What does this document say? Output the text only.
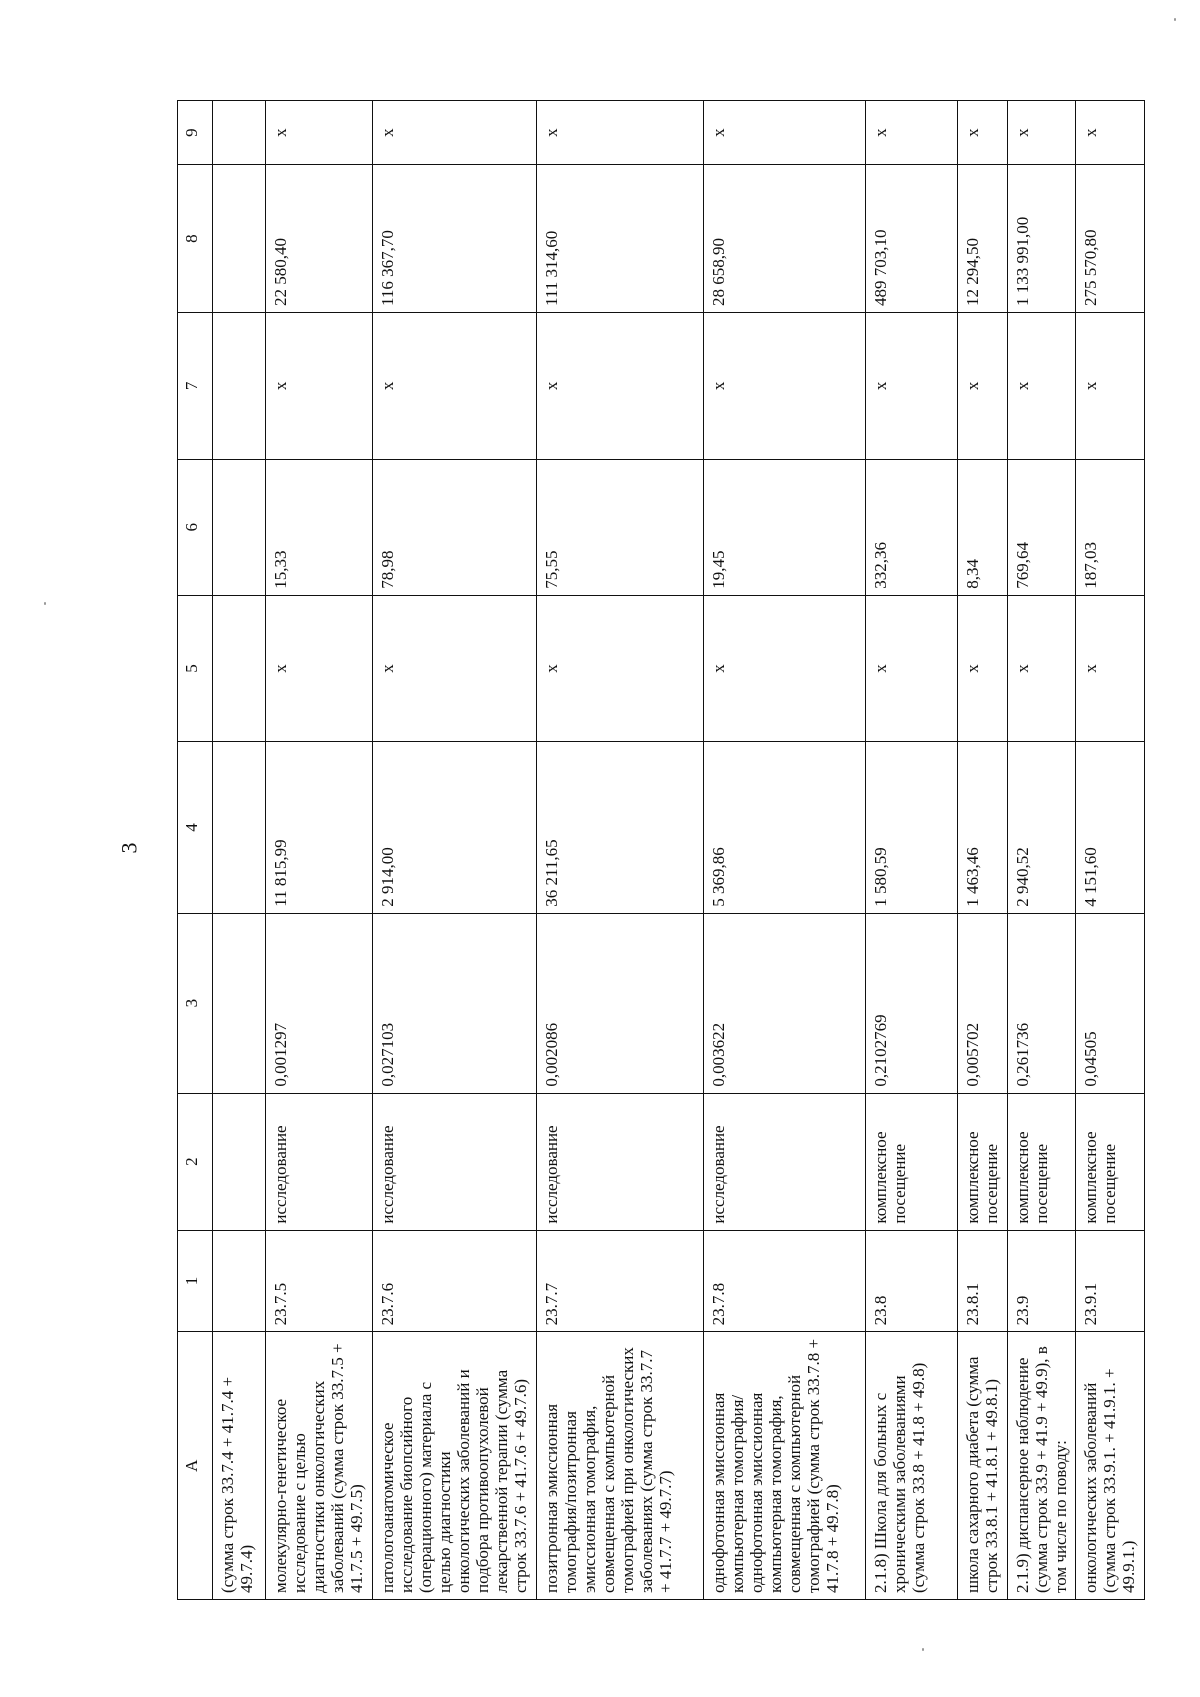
3
А	1	2	3	4	5	6	7	8	9
(сумма строк 33.7.4 + 41.7.4 + 49.7.4)									
молекулярно-генетическое исследование с целью диагностики онкологических заболеваний (сумма строк 33.7.5 + 41.7.5 + 49.7.5)	23.7.5	исследование	0,001297	11 815,99	x	15,33	x	22 580,40	x
патологоанатомическое исследование биопсийного (операционного) материала с целью диагностики онкологических заболеваний и подбора противоопухолевой лекарственной терапии (сумма строк 33.7.6 + 41.7.6 + 49.7.6)	23.7.6	исследование	0,027103	2 914,00	x	78,98	x	116 367,70	x
позитронная эмиссионная томография/позитронная эмиссионная томография, совмещенная с компьютерной томографией при онкологических заболеваниях (сумма строк 33.7.7 + 41.7.7 + 49.7.7)	23.7.7	исследование	0,002086	36 211,65	x	75,55	x	111 314,60	x
однофотонная эмиссионная компьютерная томография/ однофотонная эмиссионная компьютерная томография, совмещенная с компьютерной томографией (сумма строк 33.7.8 + 41.7.8 + 49.7.8)	23.7.8	исследование	0,003622	5 369,86	x	19,45	x	28 658,90	x
2.1.8) Школа для больных с хроническими заболеваниями (сумма строк 33.8 + 41.8 + 49.8)	23.8	комплексное посещение	0,2102769	1 580,59	x	332,36	x	489 703,10	x
школа сахарного диабета (сумма строк 33.8.1 + 41.8.1 + 49.8.1)	23.8.1	комплексное посещение	0,005702	1 463,46	x	8,34	x	12 294,50	x
2.1.9) диспансерное наблюдение (сумма строк 33.9 + 41.9 + 49.9), в том числе по поводу:	23.9	комплексное посещение	0,261736	2 940,52	x	769,64	x	1 133 991,00	x
онкологических заболеваний (сумма строк 33.9.1. + 41.9.1. + 49.9.1.)	23.9.1	комплексное посещение	0,04505	4 151,60	x	187,03	x	275 570,80	x
